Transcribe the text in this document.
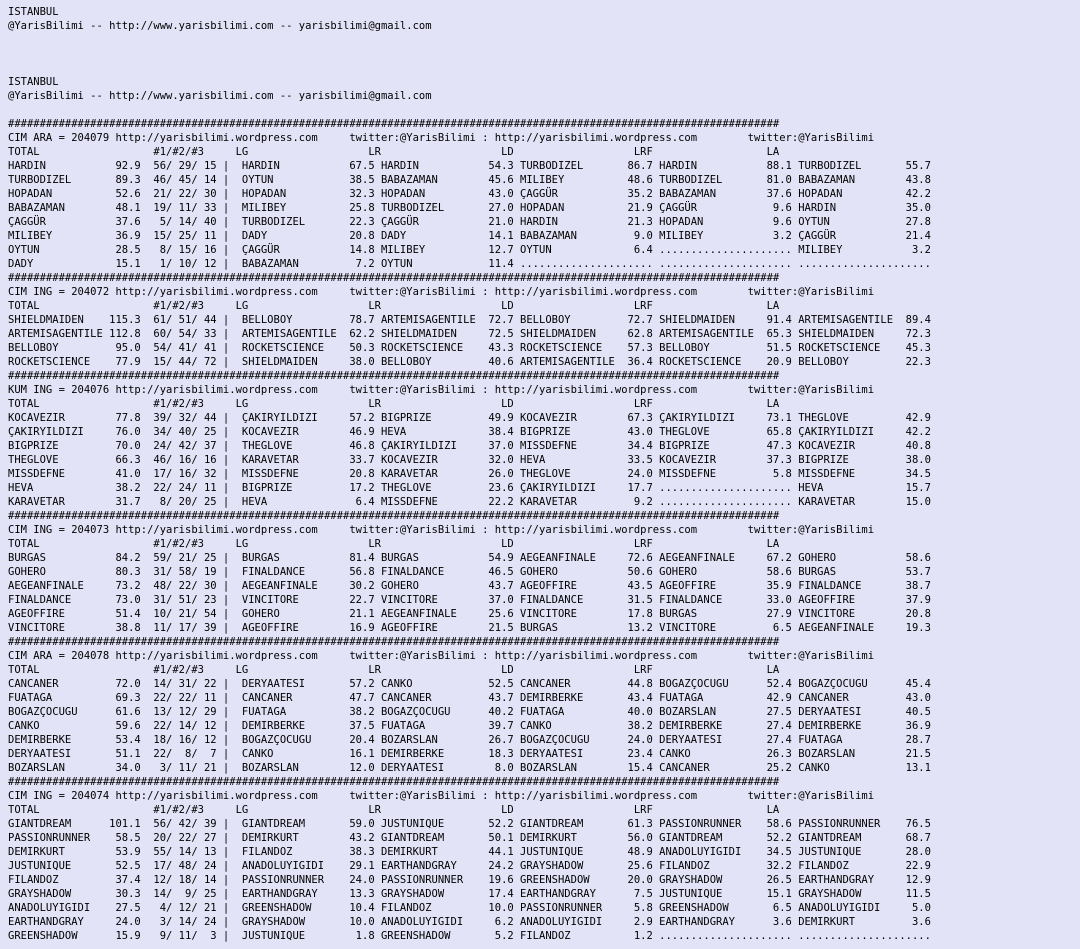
ISTANBUL
@YarisBilimi -- http://www.yarisbilimi.com -- yarisbilimi@gmail.com
ISTANBUL
@YarisBilimi -- http://www.yarisbilimi.com -- yarisbilimi@gmail.com
##########################################################################################################################
CIM ARA = 204079 http://yarisbilimi.wordpress.com     twitter:@YarisBilimi : http://yarisbilimi.wordpress.com        twitter:@YarisBilimi
TOTAL                  #1/#2/#3     LG                   LR                   LD                   LRF                  LA
HARDIN           92.9  56/ 29/ 15 |  HARDIN           67.5 HARDIN           54.3 TURBODIZEL       86.7 HARDIN           88.1 TURBODIZEL       55.7
TURBODIZEL       89.3  46/ 45/ 14 |  OYTUN            38.5 BABAZAMAN        45.6 MILIBEY          48.6 TURBODIZEL       81.0 BABAZAMAN        43.8
HOPADAN          52.6  21/ 22/ 30 |  HOPADAN          32.3 HOPADAN          43.0 ÇAGGÜR           35.2 BABAZAMAN        37.6 HOPADAN          42.2
BABAZAMAN        48.1  19/ 11/ 33 |  MILIBEY          25.8 TURBODIZEL       27.0 HOPADAN          21.9 ÇAGGÜR            9.6 HARDIN           35.0
ÇAGGÜR           37.6   5/ 14/ 40 |  TURBODIZEL       22.3 ÇAGGÜR           21.0 HARDIN           21.3 HOPADAN           9.6 OYTUN            27.8
MILIBEY          36.9  15/ 25/ 11 |  DADY             20.8 DADY             14.1 BABAZAMAN         9.0 MILIBEY           3.2 ÇAGGÜR           21.4
OYTUN            28.5   8/ 15/ 16 |  ÇAGGÜR           14.8 MILIBEY          12.7 OYTUN             6.4 ..................... MILIBEY           3.2
DADY             15.1   1/ 10/ 12 |  BABAZAMAN         7.2 OYTUN            11.4 ..................... ..................... .....................
##########################################################################################################################
CIM ING = 204072 http://yarisbilimi.wordpress.com     twitter:@YarisBilimi : http://yarisbilimi.wordpress.com        twitter:@YarisBilimi
TOTAL                  #1/#2/#3     LG                   LR                   LD                   LRF                  LA
SHIELDMAIDEN    115.3  61/ 51/ 44 |  BELLOBOY         78.7 ARTEMISAGENTILE  72.7 BELLOBOY         72.7 SHIELDMAIDEN     91.4 ARTEMISAGENTILE  89.4
ARTEMISAGENTILE 112.8  60/ 54/ 33 |  ARTEMISAGENTILE  62.2 SHIELDMAIDEN     72.5 SHIELDMAIDEN     62.8 ARTEMISAGENTILE  65.3 SHIELDMAIDEN     72.3
BELLOBOY         95.0  54/ 41/ 41 |  ROCKETSCIENCE    50.3 ROCKETSCIENCE    43.3 ROCKETSCIENCE    57.3 BELLOBOY         51.5 ROCKETSCIENCE    45.3
ROCKETSCIENCE    77.9  15/ 44/ 72 |  SHIELDMAIDEN     38.0 BELLOBOY         40.6 ARTEMISAGENTILE  36.4 ROCKETSCIENCE    20.9 BELLOBOY         22.3
##########################################################################################################################
KUM ING = 204076 http://yarisbilimi.wordpress.com     twitter:@YarisBilimi : http://yarisbilimi.wordpress.com        twitter:@YarisBilimi
TOTAL                  #1/#2/#3     LG                   LR                   LD                   LRF                  LA
KOCAVEZIR        77.8  39/ 32/ 44 |  ÇAKIRYILDIZI     57.2 BIGPRIZE         49.9 KOCAVEZIR        67.3 ÇAKIRYILDIZI     73.1 THEGLOVE         42.9
ÇAKIRYILDIZI     76.0  34/ 40/ 25 |  KOCAVEZIR        46.9 HEVA             38.4 BIGPRIZE         43.0 THEGLOVE         65.8 ÇAKIRYILDIZI     42.2
BIGPRIZE         70.0  24/ 42/ 37 |  THEGLOVE         46.8 ÇAKIRYILDIZI     37.0 MISSDEFNE        34.4 BIGPRIZE         47.3 KOCAVEZIR        40.8
THEGLOVE         66.3  46/ 16/ 16 |  KARAVETAR        33.7 KOCAVEZIR        32.0 HEVA             33.5 KOCAVEZIR        37.3 BIGPRIZE         38.0
MISSDEFNE        41.0  17/ 16/ 32 |  MISSDEFNE        20.8 KARAVETAR        26.0 THEGLOVE         24.0 MISSDEFNE         5.8 MISSDEFNE        34.5
HEVA             38.2  22/ 24/ 11 |  BIGPRIZE         17.2 THEGLOVE         23.6 ÇAKIRYILDIZI     17.7 ..................... HEVA             15.7
KARAVETAR        31.7   8/ 20/ 25 |  HEVA              6.4 MISSDEFNE        22.2 KARAVETAR         9.2 ..................... KARAVETAR        15.0
##########################################################################################################################
CIM ING = 204073 http://yarisbilimi.wordpress.com     twitter:@YarisBilimi : http://yarisbilimi.wordpress.com        twitter:@YarisBilimi
TOTAL                  #1/#2/#3     LG                   LR                   LD                   LRF                  LA
BURGAS           84.2  59/ 21/ 25 |  BURGAS           81.4 BURGAS           54.9 AEGEANFINALE     72.6 AEGEANFINALE     67.2 GOHERO           58.6
GOHERO           80.3  31/ 58/ 19 |  FINALDANCE       56.8 FINALDANCE       46.5 GOHERO           50.6 GOHERO           58.6 BURGAS           53.7
AEGEANFINALE     73.2  48/ 22/ 30 |  AEGEANFINALE     30.2 GOHERO           43.7 AGEOFFIRE        43.5 AGEOFFIRE        35.9 FINALDANCE       38.7
FINALDANCE       73.0  31/ 51/ 23 |  VINCITORE        22.7 VINCITORE        37.0 FINALDANCE       31.5 FINALDANCE       33.0 AGEOFFIRE        37.9
AGEOFFIRE        51.4  10/ 21/ 54 |  GOHERO           21.1 AEGEANFINALE     25.6 VINCITORE        17.8 BURGAS           27.9 VINCITORE        20.8
VINCITORE        38.8  11/ 17/ 39 |  AGEOFFIRE        16.9 AGEOFFIRE        21.5 BURGAS           13.2 VINCITORE         6.5 AEGEANFINALE     19.3
##########################################################################################################################
CIM ARA = 204078 http://yarisbilimi.wordpress.com     twitter:@YarisBilimi : http://yarisbilimi.wordpress.com        twitter:@YarisBilimi
TOTAL                  #1/#2/#3     LG                   LR                   LD                   LRF                  LA
CANCANER         72.0  14/ 31/ 22 |  DERYAATESI       57.2 CANKO            52.5 CANCANER         44.8 BOGAZÇOCUGU      52.4 BOGAZÇOCUGU      45.4
FUATAGA          69.3  22/ 22/ 11 |  CANCANER         47.7 CANCANER         43.7 DEMIRBERKE       43.4 FUATAGA          42.9 CANCANER         43.0
BOGAZÇOCUGU      61.6  13/ 12/ 29 |  FUATAGA          38.2 BOGAZÇOCUGU      40.2 FUATAGA          40.0 BOZARSLAN        27.5 DERYAATESI       40.5
CANKO            59.6  22/ 14/ 12 |  DEMIRBERKE       37.5 FUATAGA          39.7 CANKO            38.2 DEMIRBERKE       27.4 DEMIRBERKE       36.9
DEMIRBERKE       53.4  18/ 16/ 12 |  BOGAZÇOCUGU      20.4 BOZARSLAN        26.7 BOGAZÇOCUGU      24.0 DERYAATESI       27.4 FUATAGA          28.7
DERYAATESI       51.1  22/  8/  7 |  CANKO            16.1 DEMIRBERKE       18.3 DERYAATESI       23.4 CANKO            26.3 BOZARSLAN        21.5
BOZARSLAN        34.0   3/ 11/ 21 |  BOZARSLAN        12.0 DERYAATESI        8.0 BOZARSLAN        15.4 CANCANER         25.2 CANKO            13.1
##########################################################################################################################
CIM ING = 204074 http://yarisbilimi.wordpress.com     twitter:@YarisBilimi : http://yarisbilimi.wordpress.com        twitter:@YarisBilimi
TOTAL                  #1/#2/#3     LG                   LR                   LD                   LRF                  LA
GIANTDREAM      101.1  56/ 42/ 39 |  GIANTDREAM       59.0 JUSTUNIQUE       52.2 GIANTDREAM       61.3 PASSIONRUNNER    58.6 PASSIONRUNNER    76.5
PASSIONRUNNER    58.5  20/ 22/ 27 |  DEMIRKURT        43.2 GIANTDREAM       50.1 DEMIRKURT        56.0 GIANTDREAM       52.2 GIANTDREAM       68.7
DEMIRKURT        53.9  55/ 14/ 13 |  FILANDOZ         38.3 DEMIRKURT        44.1 JUSTUNIQUE       48.9 ANADOLUYIGIDI    34.5 JUSTUNIQUE       28.0
JUSTUNIQUE       52.5  17/ 48/ 24 |  ANADOLUYIGIDI    29.1 EARTHANDGRAY     24.2 GRAYSHADOW       25.6 FILANDOZ         32.2 FILANDOZ         22.9
FILANDOZ         37.4  12/ 18/ 14 |  PASSIONRUNNER    24.0 PASSIONRUNNER    19.6 GREENSHADOW      20.0 GRAYSHADOW       26.5 EARTHANDGRAY     12.9
GRAYSHADOW       30.3  14/  9/ 25 |  EARTHANDGRAY     13.3 GRAYSHADOW       17.4 EARTHANDGRAY      7.5 JUSTUNIQUE       15.1 GRAYSHADOW       11.5
ANADOLUYIGIDI    27.5   4/ 12/ 21 |  GREENSHADOW      10.4 FILANDOZ         10.0 PASSIONRUNNER     5.8 GREENSHADOW       6.5 ANADOLUYIGIDI     5.0
EARTHANDGRAY     24.0   3/ 14/ 24 |  GRAYSHADOW       10.0 ANADOLUYIGIDI     6.2 ANADOLUYIGIDI     2.9 EARTHANDGRAY      3.6 DEMIRKURT         3.6
GREENSHADOW      15.9   9/ 11/  3 |  JUSTUNIQUE        1.8 GREENSHADOW       5.2 FILANDOZ          1.2 ..................... .....................
